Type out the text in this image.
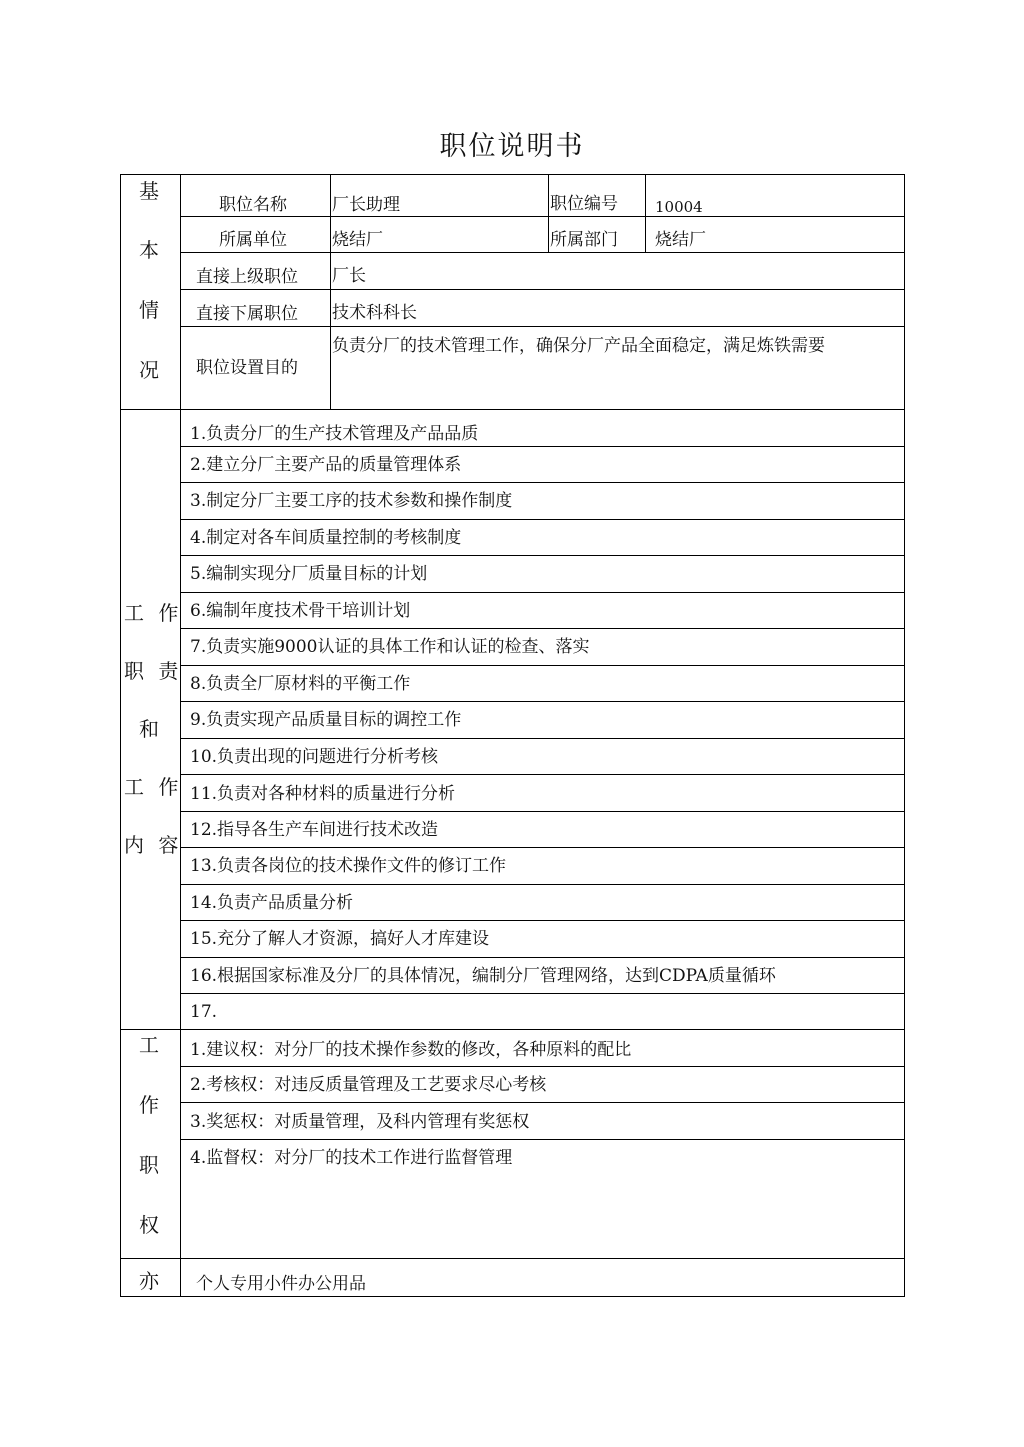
职位说明书
基
本
情
况
职位名称	厂长助理	职位编号 10004
所属单位	烧结厂	所属部门 烧结厂
直接上级职位 厂长
直接下属职位 技术科科长
职位设置目的
负责分厂的技术管理工作，确保分厂产品全面稳定，满足炼铁需要
工 作
职 责
和
工 作
内 容
1.负责分厂的生产技术管理及产品品质
2.建立分厂主要产品的质量管理体系
3.制定分厂主要工序的技术参数和操作制度
4.制定对各车间质量控制的考核制度
5.编制实现分厂质量目标的计划
6.编制年度技术骨干培训计划
7.负责实施9000认证的具体工作和认证的检查、落实
8.负责全厂原材料的平衡工作
9.负责实现产品质量目标的调控工作
10.负责出现的问题进行分析考核
11.负责对各种材料的质量进行分析
12.指导各生产车间进行技术改造
13.负责各岗位的技术操作文件的修订工作
14.负责产品质量分析
15.充分了解人才资源，搞好人才库建设
16.根据国家标准及分厂的具体情况，编制分厂管理网络，达到CDPA质量循环
17.
工
作
职
权
1.建议权：对分厂的技术操作参数的修改，各种原料的配比
2.考核权：对违反质量管理及工艺要求尽心考核
3.奖惩权：对质量管理，及科内管理有奖惩权
4.监督权：对分厂的技术工作进行监督管理
亦 个人专用小件办公用品
